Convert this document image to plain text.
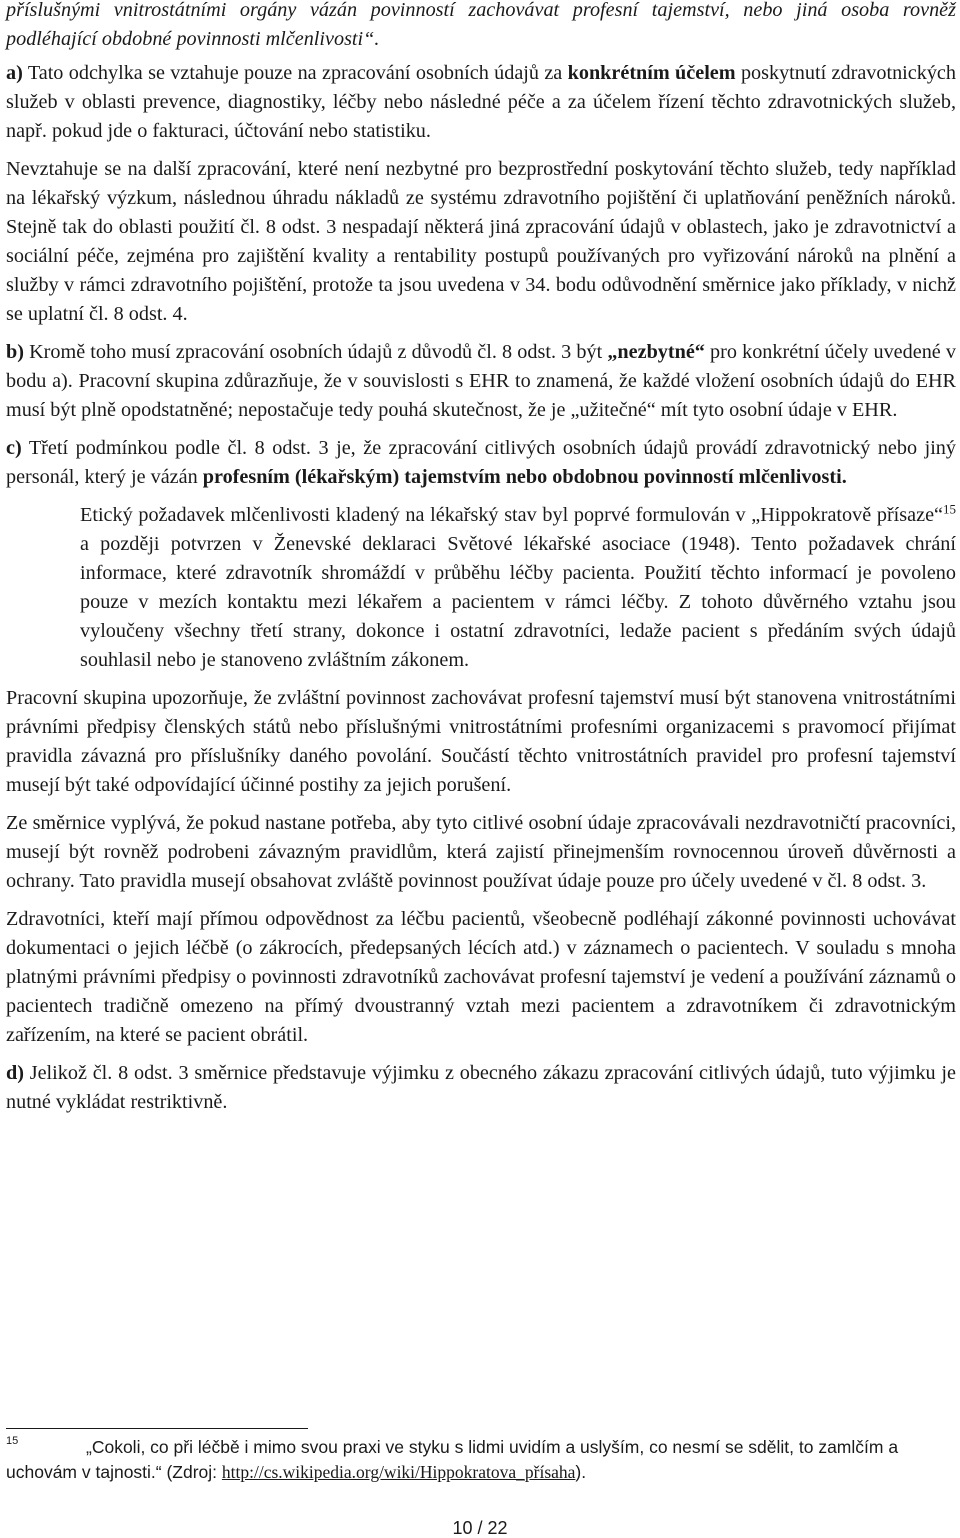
příslušnými vnitrostátními orgány vázán povinností zachovávat profesní tajemství, nebo jiná osoba rovněž podléhající obdobné povinnosti mlčenlivosti“.

a) Tato odchylka se vztahuje pouze na zpracování osobních údajů za konkrétním účelem poskytnutí zdravotnických služeb v oblasti prevence, diagnostiky, léčby nebo následné péče a za účelem řízení těchto zdravotnických služeb, např. pokud jde o fakturaci, účtování nebo statistiku.

Nevztahuje se na další zpracování, které není nezbytné pro bezprostřední poskytování těchto služeb, tedy například na lékařský výzkum, následnou úhradu nákladů ze systému zdravotního pojištění či uplatňování peněžních nároků. Stejně tak do oblasti použití čl. 8 odst. 3 nespadají některá jiná zpracování údajů v oblastech, jako je zdravotnictví a sociální péče, zejména pro zajištění kvality a rentability postupů používaných pro vyřizování nároků na plnění a služby v rámci zdravotního pojištění, protože ta jsou uvedena v 34. bodu odůvodnění směrnice jako příklady, v nichž se uplatní čl. 8 odst. 4.

b) Kromě toho musí zpracování osobních údajů z důvodů čl. 8 odst. 3 být „nezbytné“ pro konkrétní účely uvedené v bodu a). Pracovní skupina zdůrazňuje, že v souvislosti s EHR to znamená, že každé vložení osobních údajů do EHR musí být plně opodstatněné; nepostačuje tedy pouhá skutečnost, že je „užitečné“ mít tyto osobní údaje v EHR.

c) Třetí podmínkou podle čl. 8 odst. 3 je, že zpracování citlivých osobních údajů provádí zdravotnický nebo jiný personál, který je vázán profesním (lékařským) tajemstvím nebo obdobnou povinností mlčenlivosti.

Etický požadavek mlčenlivosti kladený na lékařský stav byl poprvé formulován v „Hippokratově přísaze“$^{15}$ a později potvrzen v Ženevské deklaraci Světové lékařské asociace (1948). Tento požadavek chrání informace, které zdravotník shromáždí v průběhu léčby pacienta. Použití těchto informací je povoleno pouze v mezích kontaktu mezi lékařem a pacientem v rámci léčby. Z tohoto důvěrného vztahu jsou vyloučeny všechny třetí strany, dokonce i ostatní zdravotníci, ledaže pacient s předáním svých údajů souhlasil nebo je stanoveno zvláštním zákonem.

Pracovní skupina upozorňuje, že zvláštní povinnost zachovávat profesní tajemství musí být stanovena vnitrostátními právními předpisy členských států nebo příslušnými vnitrostátními profesními organizacemi s pravomocí přijímat pravidla závazná pro příslušníky daného povolání. Součástí těchto vnitrostátních pravidel pro profesní tajemství musejí být také odpovídající účinné postihy za jejich porušení.

Ze směrnice vyplývá, že pokud nastane potřeba, aby tyto citlivé osobní údaje zpracovávali nezdravotničtí pracovníci, musejí být rovněž podrobeni závazným pravidlům, která zajistí přinejmenším rovnocennou úroveň důvěrnosti a ochrany. Tato pravidla musejí obsahovat zvláště povinnost používat údaje pouze pro účely uvedené v čl. 8 odst. 3.

Zdravotníci, kteří mají přímou odpovědnost za léčbu pacientů, všeobecně podléhají zákonné povinnosti uchovávat dokumentaci o jejich léčbě (o zákrocích, předepsaných lécích atd.) v záznamech o pacientech. V souladu s mnoha platnými právními předpisy o povinnosti zdravotníků zachovávat profesní tajemství je vedení a používání záznamů o pacientech tradičně omezeno na přímý dvoustranný vztah mezi pacientem a zdravotníkem či zdravotnickým zařízením, na které se pacient obrátil.

d) Jelikož čl. 8 odst. 3 směrnice představuje výjimku z obecného zákazu zpracování citlivých údajů, tuto výjimku je nutné vykládat restriktivně.

15	„Cokoli, co při léčbě i mimo svou praxi ve styku s lidmi uvidím a uslyším, co nesmí se sdělit, to zamlčím a uchovám v tajnosti.“ (Zdroj: http://cs.wikipedia.org/wiki/Hippokratova_přísaha).
10 / 22
